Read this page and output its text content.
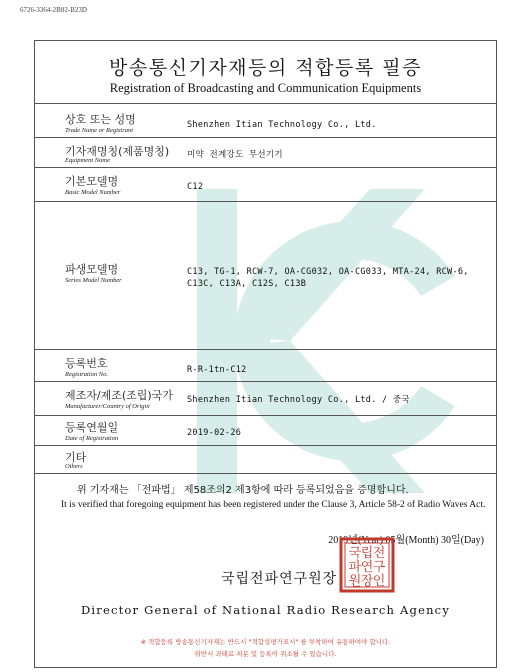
6726-3364-2B82-B23D
방송통신기자재등의 적합등록 필증
Registration of Broadcasting and Communication Equipments
상호 또는 성명
Trade Name or Registrant
Shenzhen Itian Technology Co., Ltd.
기자재명칭(제품명칭)
Equipment Name
미약 전계강도 무선기기
기본모델명
Basic Model Number
C12
파생모델명
Series Model Number
C13, TG-1, RCW-7, OA-CG032, OA-CG033, MTA-24, RCW-6, C13C, C13A, C12S, C13B
등록번호
Registration No.	R-R-1tn-C12
제조자/제조(조립)국가
Manufacturer/Country of Origin
Shenzhen Itian Technology Co., Ltd. / 중국
등록연월일
Date of Registration
2019-02-26
기타
Others
위 기자재는 「전파법」 제58조의2 제3항에 따라 등록되었음을 증명합니다.
It is verified that foregoing equipment has been registered under the Clause 3, Article 58-2 of Radio Waves Act.
2019년(Year) 05월(Month) 30일(Day)
국립전파연구원장
국 립 전
파 연 구
원 장 인
Director General of National Radio Research Agency
※ 적합등록 방송통신기자재는 반드시 "적합성평가표시" 를 부착하여 유통하여야 합니다.
위반시 과태료 처분 및 등록이 취소될 수 있습니다.
